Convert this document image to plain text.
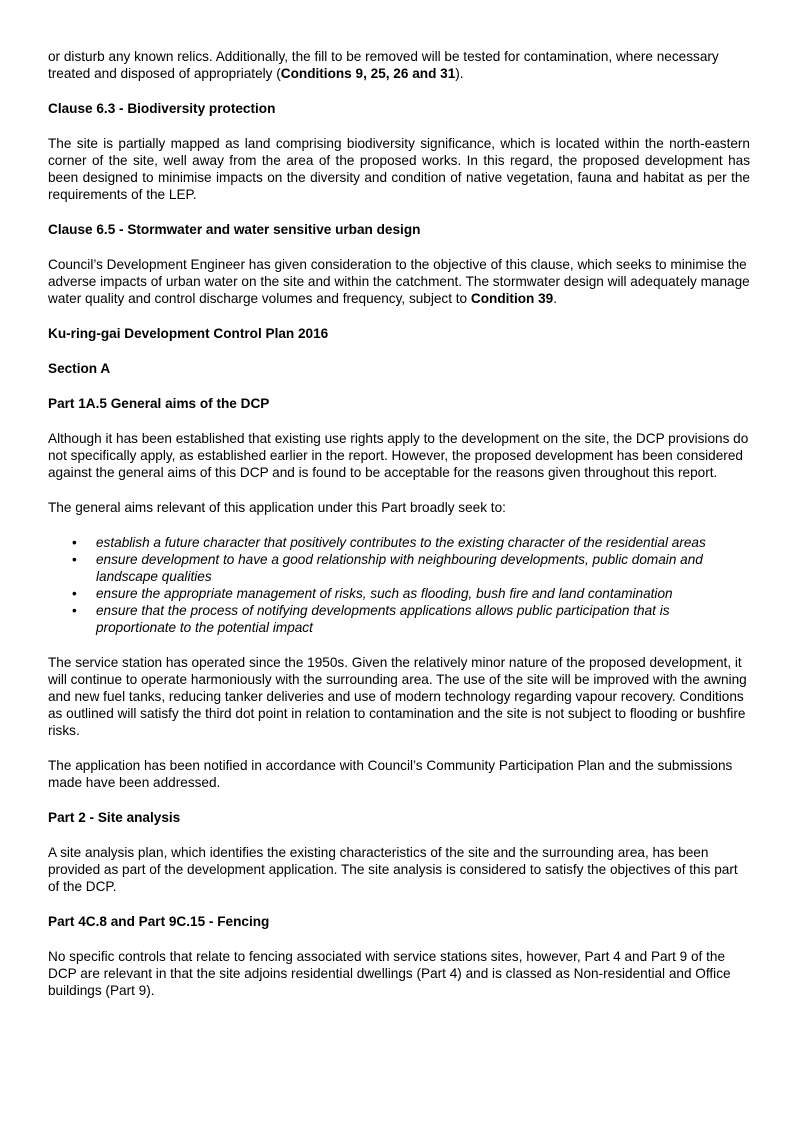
or disturb any known relics. Additionally, the fill to be removed will be tested for contamination, where necessary treated and disposed of appropriately (Conditions 9, 25, 26 and 31).

Clause 6.3 - Biodiversity protection

The site is partially mapped as land comprising biodiversity significance, which is located within the north-eastern corner of the site, well away from the area of the proposed works. In this regard, the proposed development has been designed to minimise impacts on the diversity and condition of native vegetation, fauna and habitat as per the requirements of the LEP.

Clause 6.5 - Stormwater and water sensitive urban design

Council’s Development Engineer has given consideration to the objective of this clause, which seeks to minimise the adverse impacts of urban water on the site and within the catchment. The stormwater design will adequately manage water quality and control discharge volumes and frequency, subject to Condition 39.

Ku-ring-gai Development Control Plan 2016

Section A

Part 1A.5 General aims of the DCP

Although it has been established that existing use rights apply to the development on the site, the DCP provisions do not specifically apply, as established earlier in the report. However, the proposed development has been considered against the general aims of this DCP and is found to be acceptable for the reasons given throughout this report.

The general aims relevant of this application under this Part broadly seek to:

• establish a future character that positively contributes to the existing character of the residential areas
• ensure development to have a good relationship with neighbouring developments, public domain and landscape qualities
• ensure the appropriate management of risks, such as flooding, bush fire and land contamination
• ensure that the process of notifying developments applications allows public participation that is proportionate to the potential impact

The service station has operated since the 1950s. Given the relatively minor nature of the proposed development, it will continue to operate harmoniously with the surrounding area. The use of the site will be improved with the awning and new fuel tanks, reducing tanker deliveries and use of modern technology regarding vapour recovery. Conditions as outlined will satisfy the third dot point in relation to contamination and the site is not subject to flooding or bushfire risks.

The application has been notified in accordance with Council’s Community Participation Plan and the submissions made have been addressed.

Part 2 - Site analysis

A site analysis plan, which identifies the existing characteristics of the site and the surrounding area, has been provided as part of the development application. The site analysis is considered to satisfy the objectives of this part of the DCP.

Part 4C.8 and Part 9C.15 - Fencing

No specific controls that relate to fencing associated with service stations sites, however, Part 4 and Part 9 of the DCP are relevant in that the site adjoins residential dwellings (Part 4) and is classed as Non-residential and Office buildings (Part 9).
